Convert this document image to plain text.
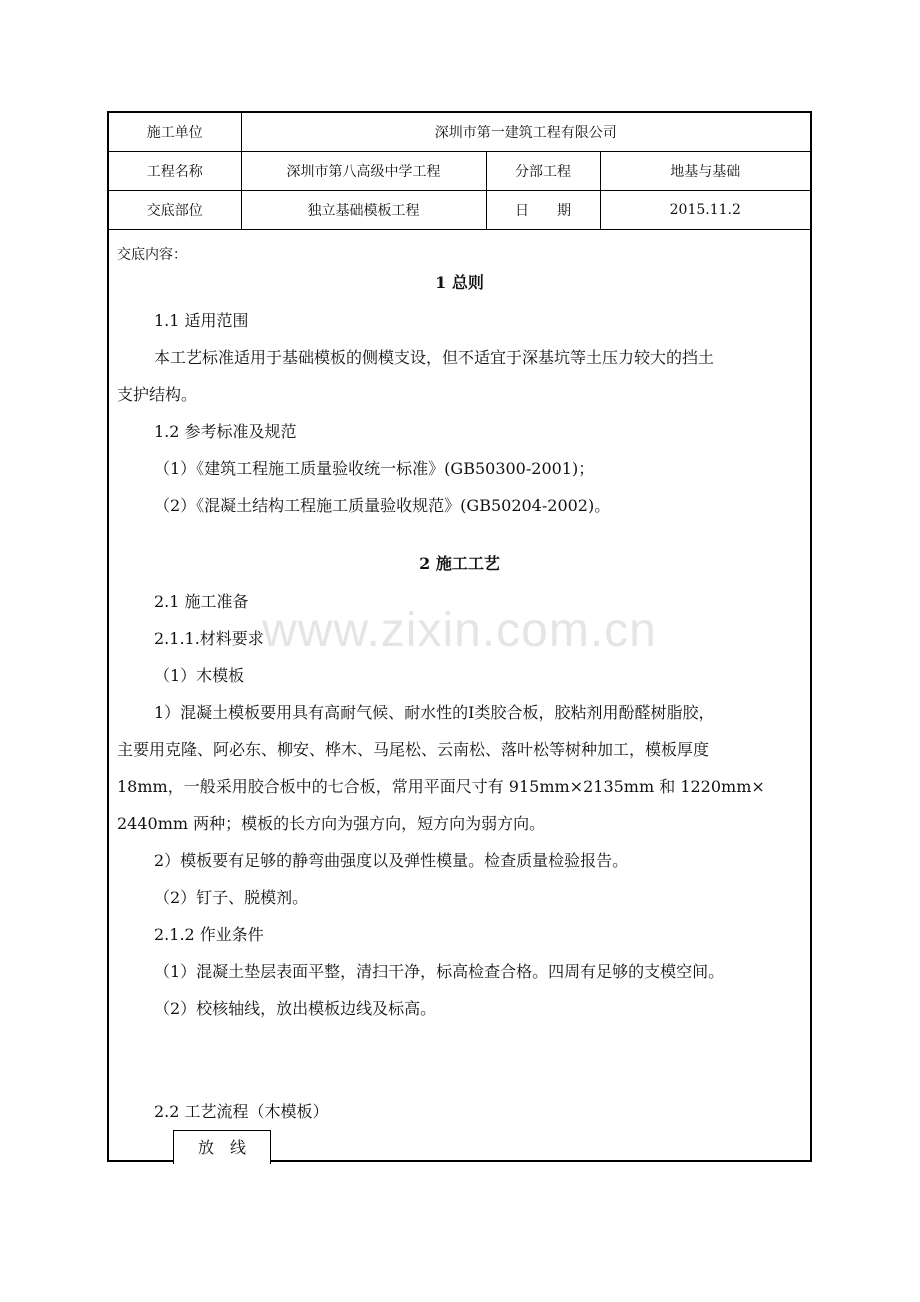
施工单位	深圳市第一建筑工程有限公司		
工程名称	深圳市第八高级中学工程	分部工程	地基与基础
交底部位	独立基础模板工程	日　　期	2015.11.2
交底内容：
1 总则
1.1 适用范围
本工艺标准适用于基础模板的侧模支设，但不适宜于深基坑等土压力较大的挡土
支护结构。
1.2 参考标准及规范
（1）《建筑工程施工质量验收统一标准》(GB50300-2001)；
（2）《混凝土结构工程施工质量验收规范》(GB50204-2002)。
2 施工工艺
2.1 施工准备
2.1.1.材料要求
（1）木模板
1）混凝土模板要用具有高耐气候、耐水性的Ⅰ类胶合板，胶粘剂用酚醛树脂胶，
主要用克隆、阿必东、柳安、桦木、马尾松、云南松、落叶松等树种加工，模板厚度
18mm，一般采用胶合板中的七合板，常用平面尺寸有 915mm×2135mm 和 1220mm×
2440mm 两种；模板的长方向为强方向，短方向为弱方向。
2）模板要有足够的静弯曲强度以及弹性模量。检查质量检验报告。
（2）钉子、脱模剂。
2.1.2 作业条件
（1）混凝土垫层表面平整，清扫干净，标高检查合格。四周有足够的支模空间。
（2）校核轴线，放出模板边线及标高。
2.2 工艺流程（木模板）
www.zixin.com.cn
放　线
